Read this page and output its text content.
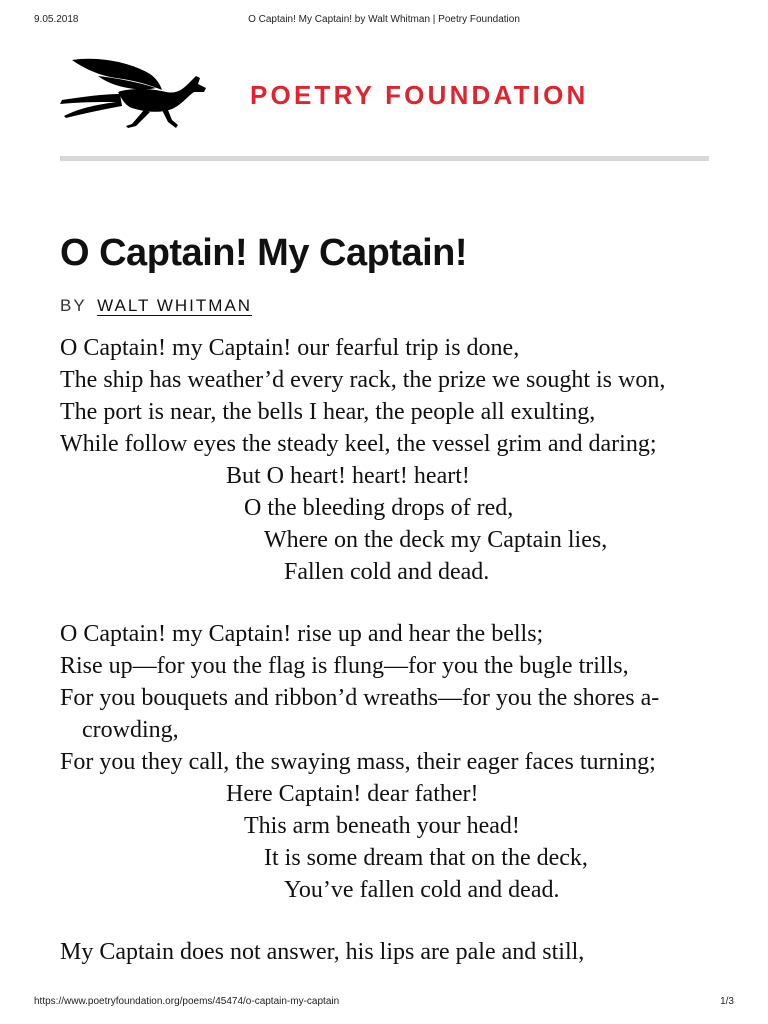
9.05.2018	O Captain! My Captain! by Walt Whitman | Poetry Foundation
POETRY FOUNDATION
O Captain! My Captain!
BY WALT WHITMAN
O Captain! my Captain! our fearful trip is done,
The ship has weather’d every rack, the prize we sought is won,
The port is near, the bells I hear, the people all exulting,
While follow eyes the steady keel, the vessel grim and daring;
But O heart! heart! heart!
O the bleeding drops of red,
Where on the deck my Captain lies,
Fallen cold and dead.
O Captain! my Captain! rise up and hear the bells;
Rise up—for you the flag is flung—for you the bugle trills,
For you bouquets and ribbon’d wreaths—for you the shores a-
crowding,
For you they call, the swaying mass, their eager faces turning;
Here Captain! dear father!
This arm beneath your head!
It is some dream that on the deck,
You’ve fallen cold and dead.
My Captain does not answer, his lips are pale and still,
https://www.poetryfoundation.org/poems/45474/o-captain-my-captain	1/3
